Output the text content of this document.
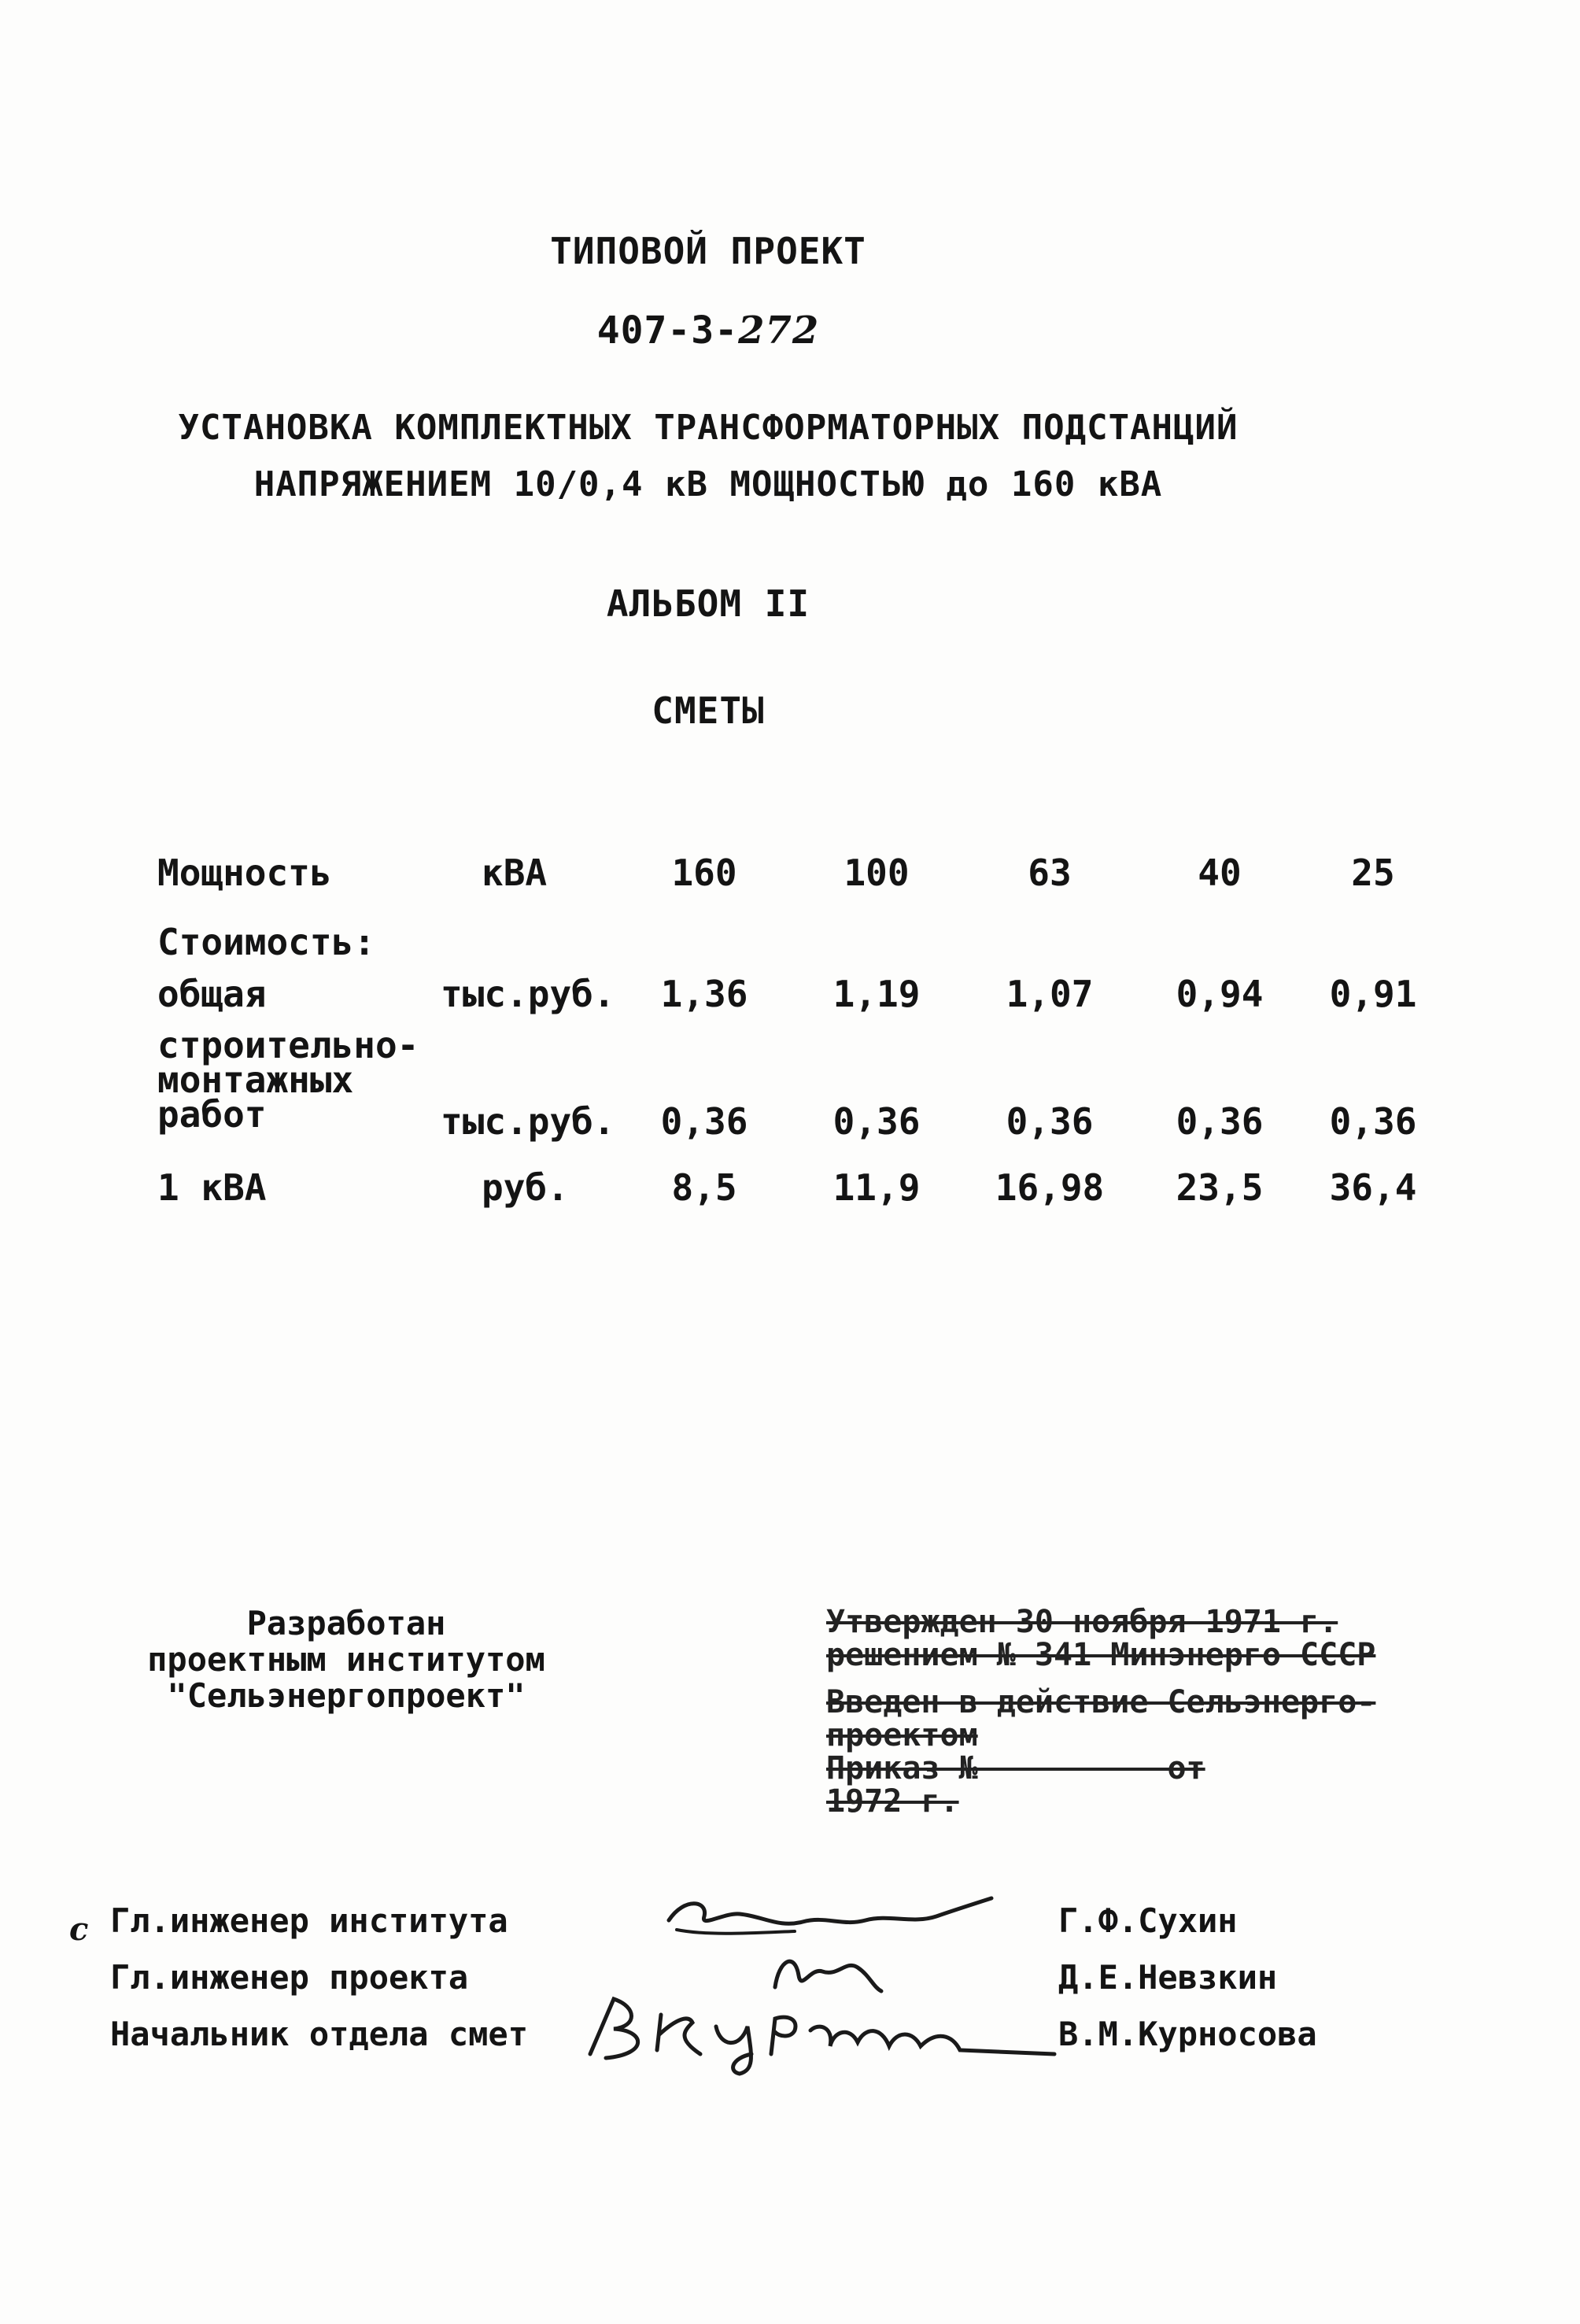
ТИПОВОЙ ПРОЕКТ
407-3-272
УСТАНОВКА КОМПЛЕКТНЫХ ТРАНСФОРМАТОРНЫХ ПОДСТАНЦИЙ
НАПРЯЖЕНИЕМ 10/0,4 кВ МОЩНОСТЬЮ до 160 кВА
АЛЬБОМ II
СМЕТЫ
Мощность	кВА	160	100	63	40	25
Стоимость:
общая	тыс.руб.	1,36	1,19	1,07	0,94	0,91
строительно-
монтажных
работ	тыс.руб.	0,36	0,36	0,36	0,36	0,36
1 кВА	руб.	8,5	11,9	16,98	23,5	36,4
Разработан
проектным институтом
"Сельэнергопроект"
Утвержден 30 ноября 1971 г.
решением № 341 Минэнерго СССР
Введен в действие Сельэнерго-
проектом
Приказ №          от
1972 г.
с Гл.инженер института	Г.Ф.Сухин
Гл.инженер проекта	Д.Е.Невзкин
Начальник отдела смет	В.М.Курносова
